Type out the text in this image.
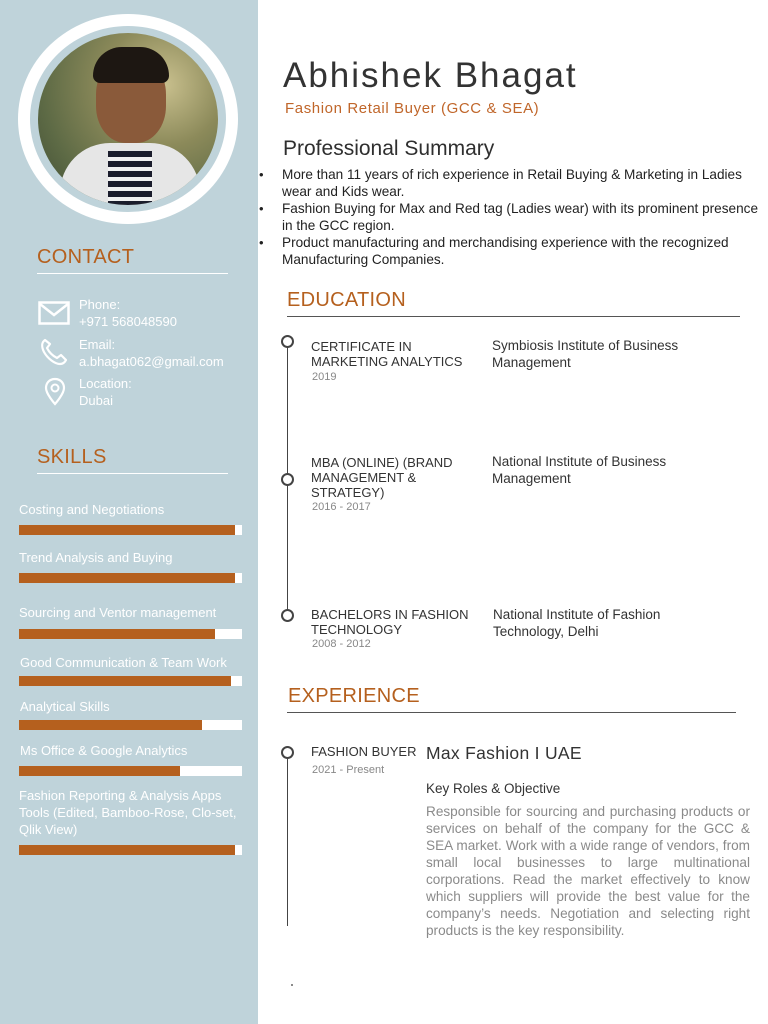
CONTACT
Phone:
+971 568048590
Email:
a.bhagat062@gmail.com
Location:
Dubai
SKILLS
Costing and Negotiations
Trend Analysis and Buying
Sourcing and Ventor management
Good Communication & Team Work
Analytical Skills
Ms Office & Google Analytics
Fashion Reporting & Analysis Apps Tools (Edited, Bamboo-Rose, Clo-set, Qlik View)
Abhishek Bhagat
Fashion Retail Buyer (GCC & SEA)
Professional Summary
• More than 11 years of rich experience in Retail Buying & Marketing in Ladies wear and Kids wear.
• Fashion Buying for Max and Red tag (Ladies wear) with its prominent presence in the GCC region.
• Product manufacturing and merchandising experience with the recognized Manufacturing Companies.
EDUCATION
CERTIFICATE IN MARKETING ANALYTICS
2019
Symbiosis Institute of Business Management
MBA (ONLINE) (BRAND MANAGEMENT & STRATEGY)
2016 - 2017
National Institute of Business Management
BACHELORS IN FASHION TECHNOLOGY
2008 - 2012
National Institute of Fashion Technology, Delhi
EXPERIENCE
FASHION BUYER
2021 - Present
Max Fashion I UAE
Key Roles & Objective
Responsible for sourcing and purchasing products or services on behalf of the company for the GCC & SEA market. Work with a wide range of vendors, from small local businesses to large multinational corporations. Read the market effectively to know which suppliers will provide the best value for the company’s needs. Negotiation and selecting right products is the key responsibility.
